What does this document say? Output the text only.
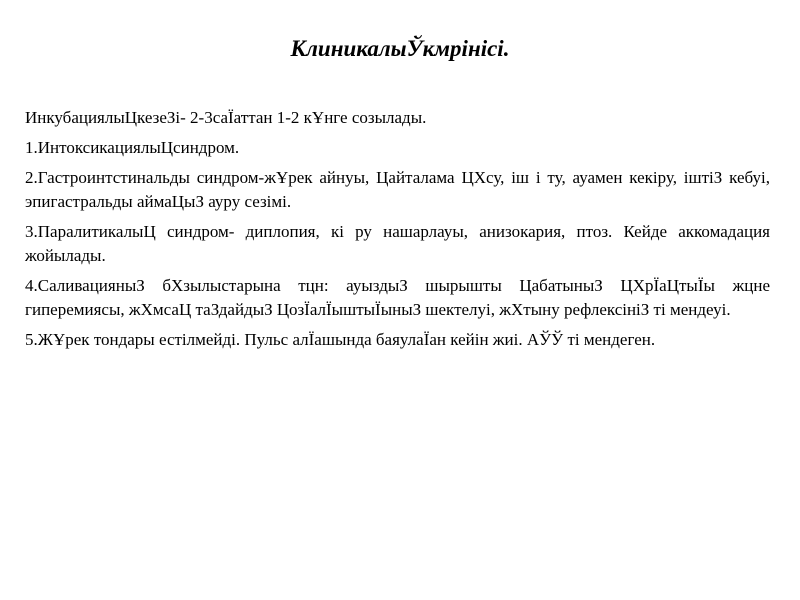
КлиникалыЎкмрінісі.

ИнкубациялыЦкезеЗі- 2-3саЇаттан 1-2 кҰнге созылады.

1.ИнтоксикациялыЦсиндром.

2.Гастроинтстинальды синдром-жҰрек айнуы, Цайталама ЦХсу, іш і ту, ауамен кекіру, іштіЗ кебуі, эпигастральды аймаЦыЗ ауру сезімі.

3.ПаралитикалыЦ синдром- диплопия, кі ру нашарлауы, анизокария, птоз. Кейде аккомадация жойылады.

4.СаливацияныЗ бХзылыстарына тцн: ауыздыЗ шырышты ЦабатыныЗ ЦХрЇаЦтыЇы жцне гиперемиясы, жХмсаЦ таЗдайдыЗ ЦозЇалЇыштыЇыныЗ шектелуі, жХтыну рефлексініЗ ті мендеуі.

5.ЖҰрек тондары естілмейді. Пульс алЇашында баяулаЇан кейін жиі. АЎЎ ті мендеген.
